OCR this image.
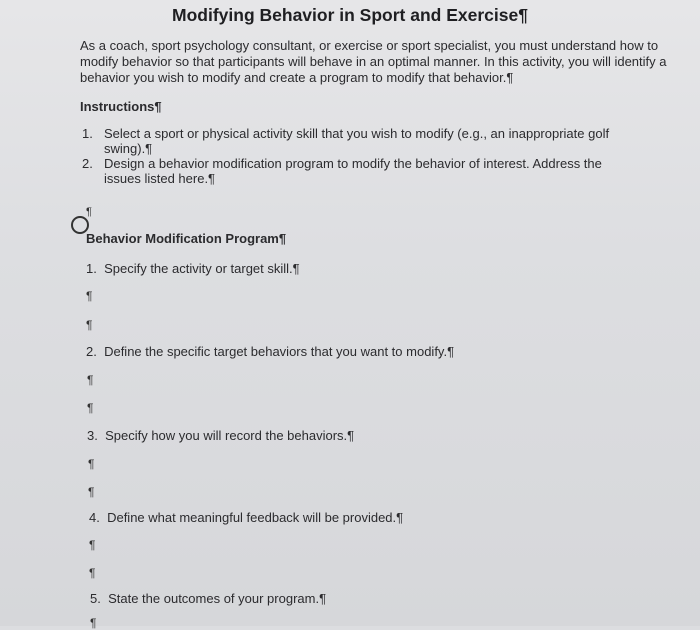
Modifying Behavior in Sport and Exercise¶
As a coach, sport psychology consultant, or exercise or sport specialist, you must understand how to modify behavior so that participants will behave in an optimal manner. In this activity, you will identify a behavior you wish to modify and create a program to modify that behavior.¶
Instructions¶
1. Select a sport or physical activity skill that you wish to modify (e.g., an inappropriate golf swing).¶
2. Design a behavior modification program to modify the behavior of interest. Address the issues listed here.¶
¶
Behavior Modification Program¶
1. Specify the activity or target skill.¶
¶
¶
2. Define the specific target behaviors that you want to modify.¶
¶
¶
3. Specify how you will record the behaviors.¶
¶
¶
4. Define what meaningful feedback will be provided.¶
¶
¶
5. State the outcomes of your program.¶
¶
